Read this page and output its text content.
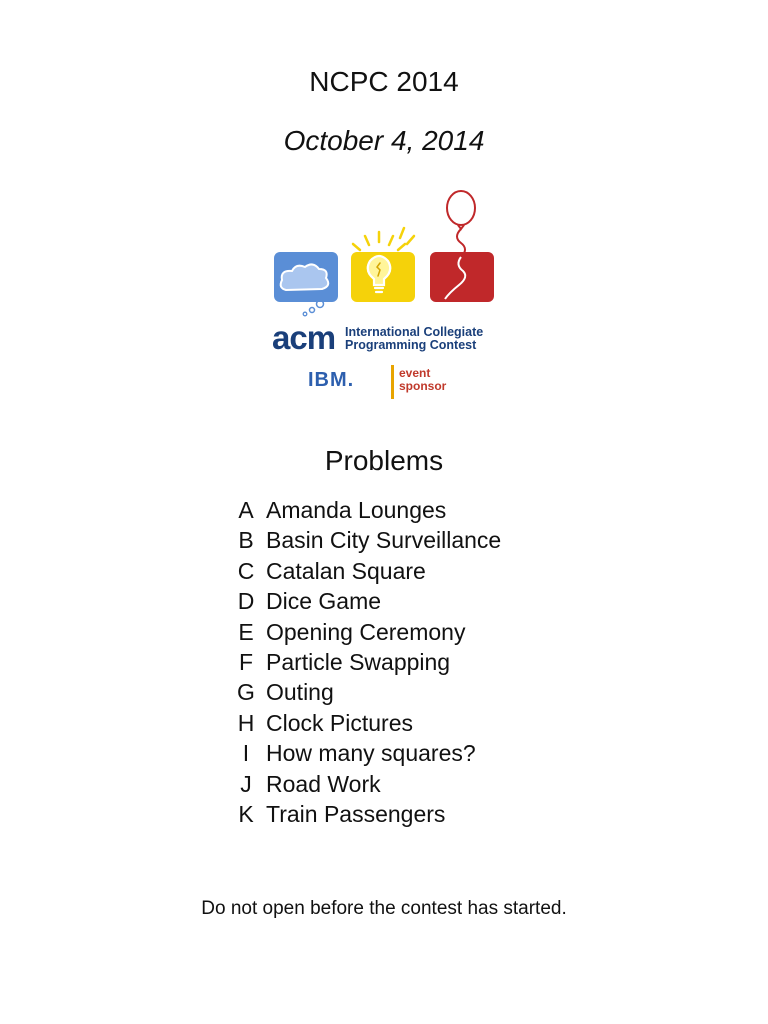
NCPC 2014
October 4, 2014
acm International Collegiate
Programming Contest
IBM.	event
sponsor
Problems
A Amanda Lounges
B Basin City Surveillance
C Catalan Square
D Dice Game
E Opening Ceremony
F Particle Swapping
G Outing
H Clock Pictures
I How many squares?
J Road Work
K Train Passengers
Do not open before the contest has started.
